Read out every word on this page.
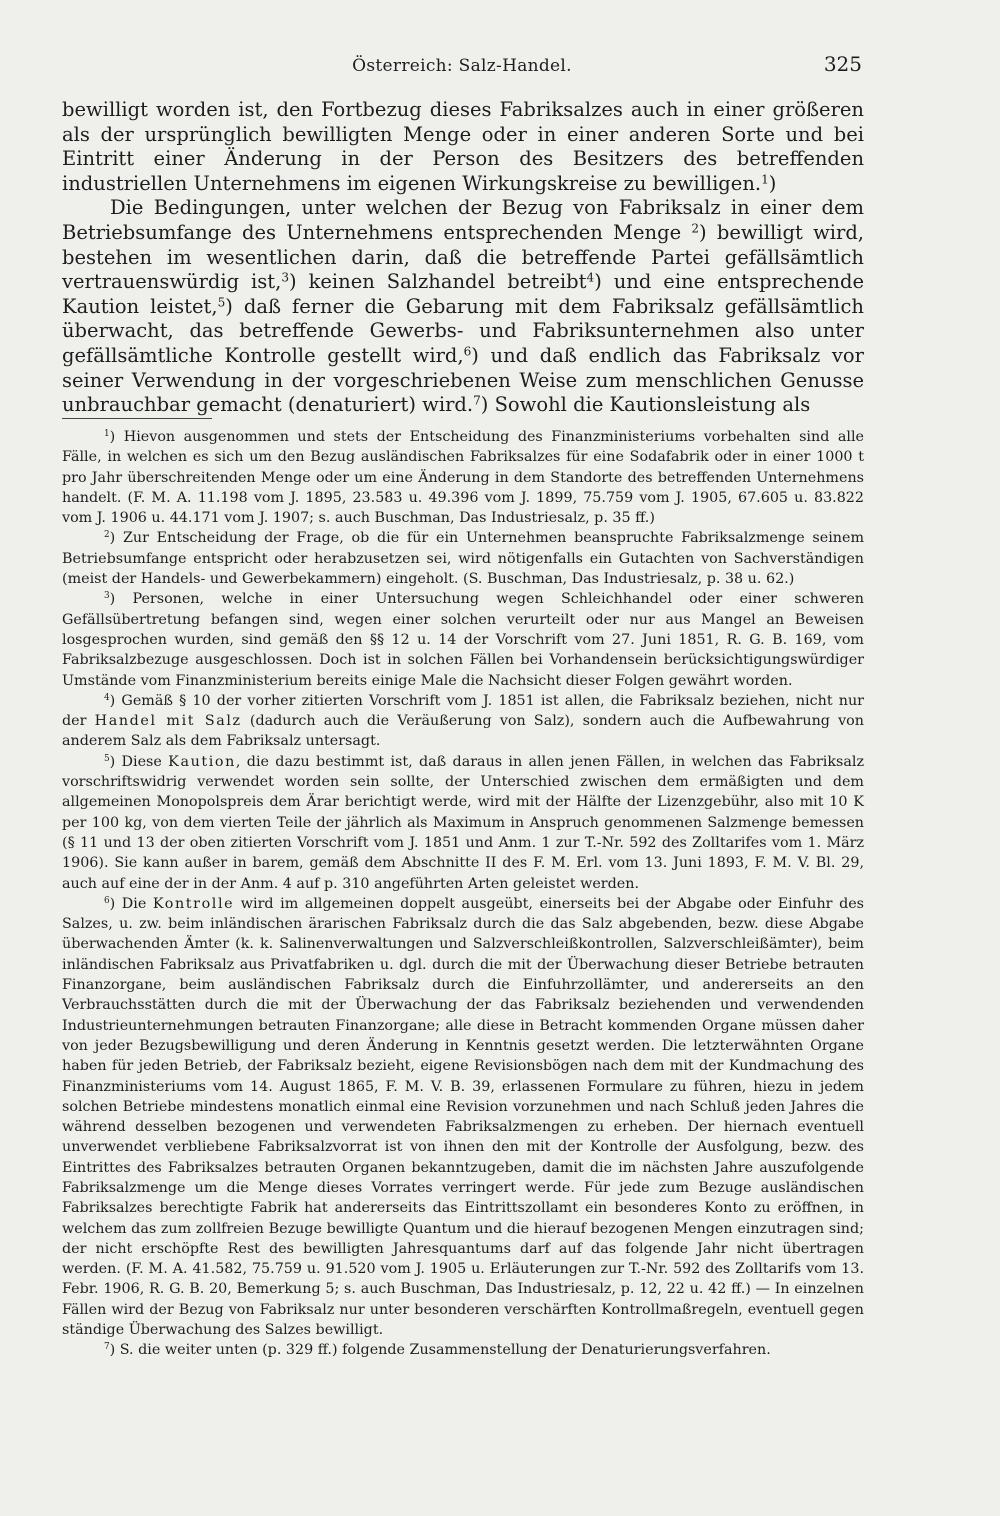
Österreich: Salz-Handel.	325

bewilligt worden ist, den Fortbezug dieses Fabriksalzes auch in einer größeren als der ursprünglich bewilligten Menge oder in einer anderen Sorte und bei Eintritt einer Änderung in der Person des Besitzers des betreffenden industriellen Unternehmens im eigenen Wirkungskreise zu bewilligen.$^1$)

Die Bedingungen, unter welchen der Bezug von Fabriksalz in einer dem Betriebsumfange des Unternehmens entsprechenden Menge $^2$) bewilligt wird, bestehen im wesentlichen darin, daß die betreffende Partei gefällsämtlich vertrauenswürdig ist,$^3$) keinen Salzhandel betreibt$^4$) und eine entsprechende Kaution leistet,$^5$) daß ferner die Gebarung mit dem Fabriksalz gefällsämtlich überwacht, das betreffende Gewerbs- und Fabriksunternehmen also unter gefällsämtliche Kontrolle gestellt wird,$^6$) und daß endlich das Fabriksalz vor seiner Verwendung in der vorgeschriebenen Weise zum menschlichen Genusse unbrauchbar gemacht (denaturiert) wird.$^7$) Sowohl die Kautionsleistung als

$^1$) Hievon ausgenommen und stets der Entscheidung des Finanzministeriums vorbehalten sind alle Fälle, in welchen es sich um den Bezug ausländischen Fabriksalzes für eine Sodafabrik oder in einer 1000 t pro Jahr überschreitenden Menge oder um eine Änderung in dem Standorte des betreffenden Unternehmens handelt. (F. M. A. 11.198 vom J. 1895, 23.583 u. 49.396 vom J. 1899, 75.759 vom J. 1905, 67.605 u. 83.822 vom J. 1906 u. 44.171 vom J. 1907; s. auch Buschman, Das Industriesalz, p. 35 ff.)

$^2$) Zur Entscheidung der Frage, ob die für ein Unternehmen beanspruchte Fabriksalzmenge seinem Betriebsumfange entspricht oder herabzusetzen sei, wird nötigenfalls ein Gutachten von Sachverständigen (meist der Handels- und Gewerbekammern) eingeholt. (S. Buschman, Das Industriesalz, p. 38 u. 62.)

$^3$) Personen, welche in einer Untersuchung wegen Schleichhandel oder einer schweren Gefällsübertretung befangen sind, wegen einer solchen verurteilt oder nur aus Mangel an Beweisen losgesprochen wurden, sind gemäß den §§ 12 u. 14 der Vorschrift vom 27. Juni 1851, R. G. B. 169, vom Fabriksalzbezuge ausgeschlossen. Doch ist in solchen Fällen bei Vorhandensein berücksichtigungswürdiger Umstände vom Finanzministerium bereits einige Male die Nachsicht dieser Folgen gewährt worden.

$^4$) Gemäß § 10 der vorher zitierten Vorschrift vom J. 1851 ist allen, die Fabriksalz beziehen, nicht nur der Handel mit Salz (dadurch auch die Veräußerung von Salz), sondern auch die Aufbewahrung von anderem Salz als dem Fabriksalz untersagt.

$^5$) Diese Kaution, die dazu bestimmt ist, daß daraus in allen jenen Fällen, in welchen das Fabriksalz vorschriftswidrig verwendet worden sein sollte, der Unterschied zwischen dem ermäßigten und dem allgemeinen Monopolspreis dem Ärar berichtigt werde, wird mit der Hälfte der Lizenzgebühr, also mit 10 K per 100 kg, von dem vierten Teile der jährlich als Maximum in Anspruch genommenen Salzmenge bemessen (§ 11 und 13 der oben zitierten Vorschrift vom J. 1851 und Anm. 1 zur T.-Nr. 592 des Zolltarifes vom 1. März 1906). Sie kann außer in barem, gemäß dem Abschnitte II des F. M. Erl. vom 13. Juni 1893, F. M. V. Bl. 29, auch auf eine der in der Anm. 4 auf p. 310 angeführten Arten geleistet werden.

$^6$) Die Kontrolle wird im allgemeinen doppelt ausgeübt, einerseits bei der Abgabe oder Einfuhr des Salzes, u. zw. beim inländischen ärarischen Fabriksalz durch die das Salz abgebenden, bezw. diese Abgabe überwachenden Ämter (k. k. Salinenverwaltungen und Salzverschleißkontrollen, Salzverschleißämter), beim inländischen Fabriksalz aus Privatfabriken u. dgl. durch die mit der Überwachung dieser Betriebe betrauten Finanzorgane, beim ausländischen Fabriksalz durch die Einfuhrzollämter, und andererseits an den Verbrauchsstätten durch die mit der Überwachung der das Fabriksalz beziehenden und verwendenden Industrieunternehmungen betrauten Finanzorgane; alle diese in Betracht kommenden Organe müssen daher von jeder Bezugsbewilligung und deren Änderung in Kenntnis gesetzt werden. Die letzterwähnten Organe haben für jeden Betrieb, der Fabriksalz bezieht, eigene Revisionsbögen nach dem mit der Kundmachung des Finanzministeriums vom 14. August 1865, F. M. V. B. 39, erlassenen Formulare zu führen, hiezu in jedem solchen Betriebe mindestens monatlich einmal eine Revision vorzunehmen und nach Schluß jeden Jahres die während desselben bezogenen und verwendeten Fabriksalzmengen zu erheben. Der hiernach eventuell unverwendet verbliebene Fabriksalzvorrat ist von ihnen den mit der Kontrolle der Ausfolgung, bezw. des Eintrittes des Fabriksalzes betrauten Organen bekanntzugeben, damit die im nächsten Jahre auszufolgende Fabriksalzmenge um die Menge dieses Vorrates verringert werde. Für jede zum Bezuge ausländischen Fabriksalzes berechtigte Fabrik hat andererseits das Eintrittszollamt ein besonderes Konto zu eröffnen, in welchem das zum zollfreien Bezuge bewilligte Quantum und die hierauf bezogenen Mengen einzutragen sind; der nicht erschöpfte Rest des bewilligten Jahresquantums darf auf das folgende Jahr nicht übertragen werden. (F. M. A. 41.582, 75.759 u. 91.520 vom J. 1905 u. Erläuterungen zur T.-Nr. 592 des Zolltarifs vom 13. Febr. 1906, R. G. B. 20, Bemerkung 5; s. auch Buschman, Das Industriesalz, p. 12, 22 u. 42 ff.) — In einzelnen Fällen wird der Bezug von Fabriksalz nur unter besonderen verschärften Kontrollmaßregeln, eventuell gegen ständige Überwachung des Salzes bewilligt.

$^7$) S. die weiter unten (p. 329 ff.) folgende Zusammenstellung der Denaturierungsverfahren.
